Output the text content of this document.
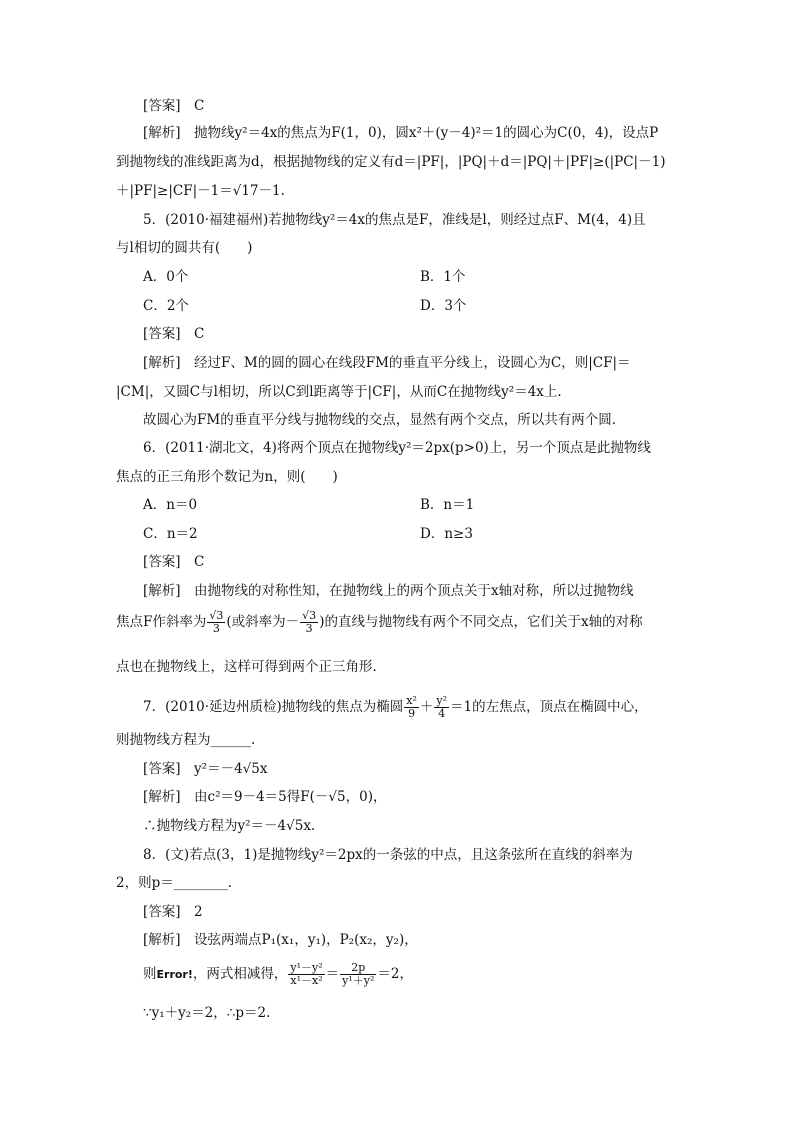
[答案]　C
[解析]　抛物线y²＝4x的焦点为F(1，0)，圆x²＋(y－4)²＝1的圆心为C(0，4)，设点P
到抛物线的准线距离为d，根据抛物线的定义有d＝|PF|，|PQ|＋d＝|PQ|＋|PF|≥(|PC|－1)
＋|PF|≥|CF|－1＝√17－1.
5．(2010·福建福州)若抛物线y²＝4x的焦点是F，准线是l，则经过点F、M(4，4)且
与l相切的圆共有(　　)
A．0个	B．1个
C．2个	D．3个
[答案]　C
[解析]　经过F、M的圆的圆心在线段FM的垂直平分线上，设圆心为C，则|CF|＝
|CM|，又圆C与l相切，所以C到l距离等于|CF|，从而C在抛物线y²＝4x上.
故圆心为FM的垂直平分线与抛物线的交点，显然有两个交点，所以共有两个圆.
6．(2011·湖北文，4)将两个顶点在抛物线y²＝2px(p>0)上，另一个顶点是此抛物线
焦点的正三角形个数记为n，则(　　)
A．n＝0	B．n＝1
C．n＝2	D．n≥3
[答案]　C
[解析]　由抛物线的对称性知，在抛物线上的两个顶点关于x轴对称，所以过抛物线
焦点F作斜率为 $\frac{√3}{3}$ (或斜率为－ $\frac{√3}{3}$ )的直线与抛物线有两个不同交点，它们关于x轴的对称
点也在抛物线上，这样可得到两个正三角形.
7．(2010·延边州质检)抛物线的焦点为椭圆 $\frac{\text{x²}}{9} + \frac{\text{y²}}{4} =1$的左焦点，顶点在椭圆中心，
则抛物线方程为______.
[答案]　y²＝－4√5x
[解析]　由c²＝9－4＝5得F(－√5，0)，
∴抛物线方程为y²＝－4√5x.
8．(文)若点(3，1)是抛物线y²＝2px的一条弦的中点，且这条弦所在直线的斜率为
2，则p＝________.
[答案]　2
[解析]　设弦两端点P₁(x₁，y₁)，P₂(x₂，y₂)，
则Error!，两式相减得， $\frac{\text{y¹－y²}}{\text{x¹－x²}} = \frac{2p}{\text{y¹＋y²}} =2$，
∵y₁＋y₂＝2，∴p＝2.
